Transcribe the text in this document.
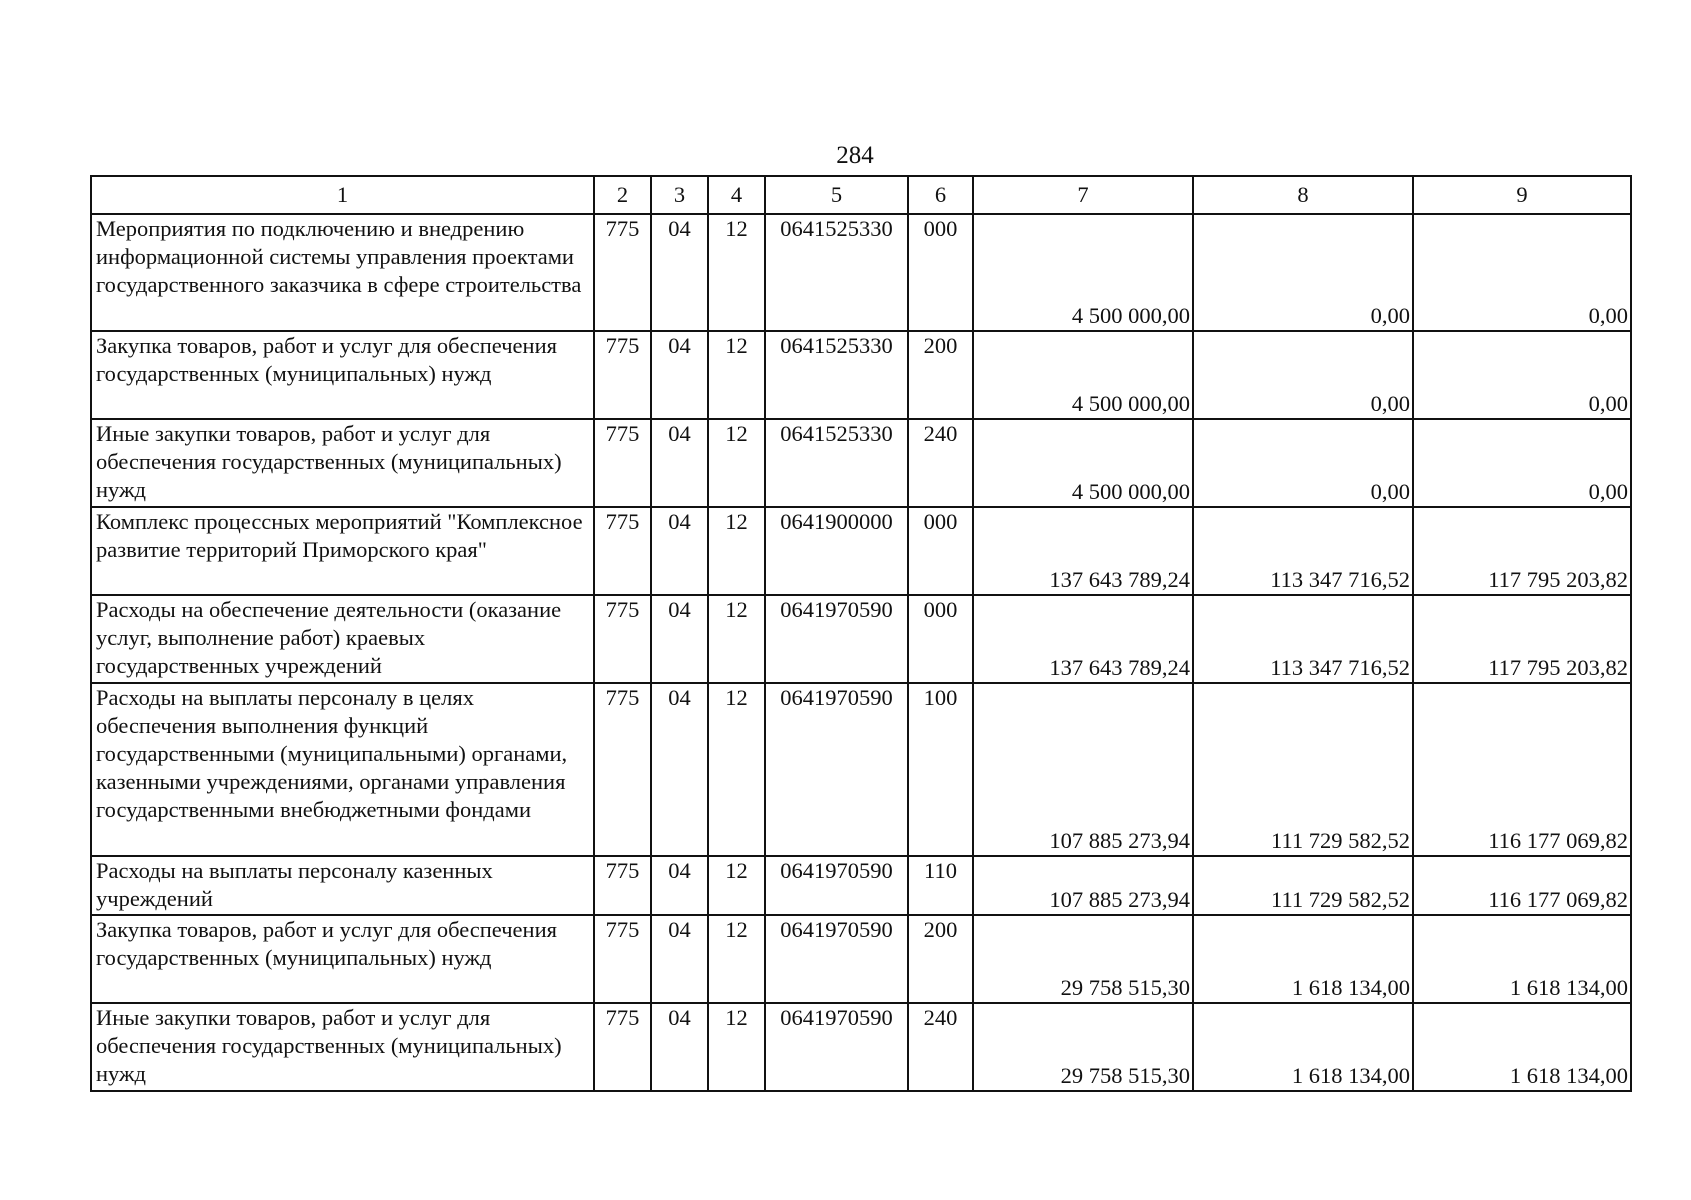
284
1	2	3	4	5	6	7	8	9
Мероприятия по подключению и внедрению информационной системы управления проектами государственного заказчика в сфере строительства	775	04	12	0641525330	000	4 500 000,00	0,00	0,00
Закупка товаров, работ и услуг для обеспечения государственных (муниципальных) нужд	775	04	12	0641525330	200	4 500 000,00	0,00	0,00
Иные закупки товаров, работ и услуг для обеспечения государственных (муниципальных) нужд	775	04	12	0641525330	240	4 500 000,00	0,00	0,00
Комплекс процессных мероприятий "Комплексное развитие территорий Приморского края"	775	04	12	0641900000	000	137 643 789,24	113 347 716,52	117 795 203,82
Расходы на обеспечение деятельности (оказание услуг, выполнение работ) краевых государственных учреждений	775	04	12	0641970590	000	137 643 789,24	113 347 716,52	117 795 203,82
Расходы на выплаты персоналу в целях обеспечения выполнения функций государственными (муниципальными) органами, казенными учреждениями, органами управления государственными внебюджетными фондами	775	04	12	0641970590	100	107 885 273,94	111 729 582,52	116 177 069,82
Расходы на выплаты персоналу казенных учреждений	775	04	12	0641970590	110	107 885 273,94	111 729 582,52	116 177 069,82
Закупка товаров, работ и услуг для обеспечения государственных (муниципальных) нужд	775	04	12	0641970590	200	29 758 515,30	1 618 134,00	1 618 134,00
Иные закупки товаров, работ и услуг для обеспечения государственных (муниципальных) нужд	775	04	12	0641970590	240	29 758 515,30	1 618 134,00	1 618 134,00
